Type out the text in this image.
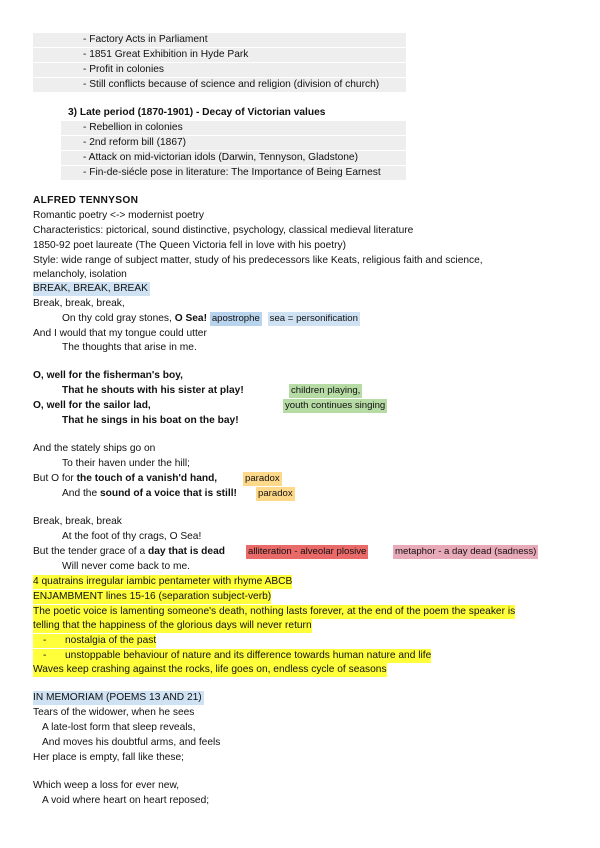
- Factory Acts in Parliament
- 1851 Great Exhibition in Hyde Park
- Profit in colonies
- Still conflicts because of science and religion (division of church)
3) Late period (1870-1901) - Decay of Victorian values
- Rebellion in colonies
- 2nd reform bill (1867)
- Attack on mid-victorian idols (Darwin, Tennyson, Gladstone)
- Fin-de-siécle pose in literature: The Importance of Being Earnest
ALFRED TENNYSON
Romantic poetry <-> modernist poetry
Characteristics: pictorical, sound distinctive, psychology, classical medieval literature
1850-92 poet laureate (The Queen Victoria fell in love with his poetry)
Style: wide range of subject matter, study of his predecessors like Keats, religious faith and science,
melancholy, isolation
BREAK, BREAK, BREAK
Break, break, break,
On thy cold gray stones, O Sea! apostrophe sea = personification
And I would that my tongue could utter
The thoughts that arise in me.
O, well for the fisherman's boy,
That he shouts with his sister at play!	children playing,
O, well for the sailor lad,	youth continues singing
That he sings in his boat on the bay!
And the stately ships go on
To their haven under the hill;
But O for the touch of a vanish'd hand,	paradox
And the sound of a voice that is still! paradox
Break, break, break
At the foot of thy crags, O Sea!
But the tender grace of a day that is dead alliteration - alveolar plosive	metaphor - a day dead (sadness)
Will never come back to me.
4 quatrains irregular iambic pentameter with rhyme ABCB
ENJAMBMENT lines 15-16 (separation subject-verb)
The poetic voice is lamenting someone's death, nothing lasts forever, at the end of the poem the speaker is
telling that the happiness of the glorious days will never return
- nostalgia of the past
- unstoppable behaviour of nature and its difference towards human nature and life
Waves keep crashing against the rocks, life goes on, endless cycle of seasons
IN MEMORIAM (POEMS 13 AND 21)
Tears of the widower, when he sees
A late-lost form that sleep reveals,
And moves his doubtful arms, and feels
Her place is empty, fall like these;
Which weep a loss for ever new,
A void where heart on heart reposed;
